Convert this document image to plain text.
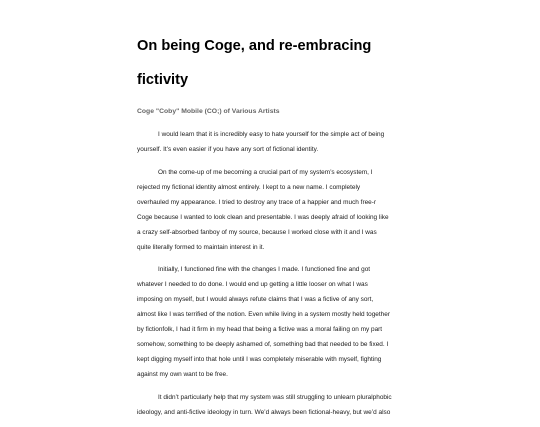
On being Coge, and re-embracing
fictivity

Coge "Coby" Mobile (CO;) of Various Artists

I would learn that it is incredibly easy to hate yourself for the simple act of being
yourself. It’s even easier if you have any sort of fictional identity.

On the come-up of me becoming a crucial part of my system’s ecosystem, I
rejected my fictional identity almost entirely. I kept to a new name. I completely
overhauled my appearance. I tried to destroy any trace of a happier and much free-r
Coge because I wanted to look clean and presentable. I was deeply afraid of looking like
a crazy self-absorbed fanboy of my source, because I worked close with it and I was
quite literally formed to maintain interest in it.

Initially, I functioned fine with the changes I made. I functioned fine and got
whatever I needed to do done. I would end up getting a little looser on what I was
imposing on myself, but I would always refute claims that I was a fictive of any sort,
almost like I was terrified of the notion. Even while living in a system mostly held together
by fictionfolk, I had it firm in my head that being a fictive was a moral failing on my part
somehow, something to be deeply ashamed of, something bad that needed to be fixed. I
kept digging myself into that hole until I was completely miserable with myself, fighting
against my own want to be free.

It didn’t particularly help that my system was still struggling to unlearn pluralphobic
ideology, and anti-fictive ideology in turn. We’d always been fictional-heavy, but we’d also
